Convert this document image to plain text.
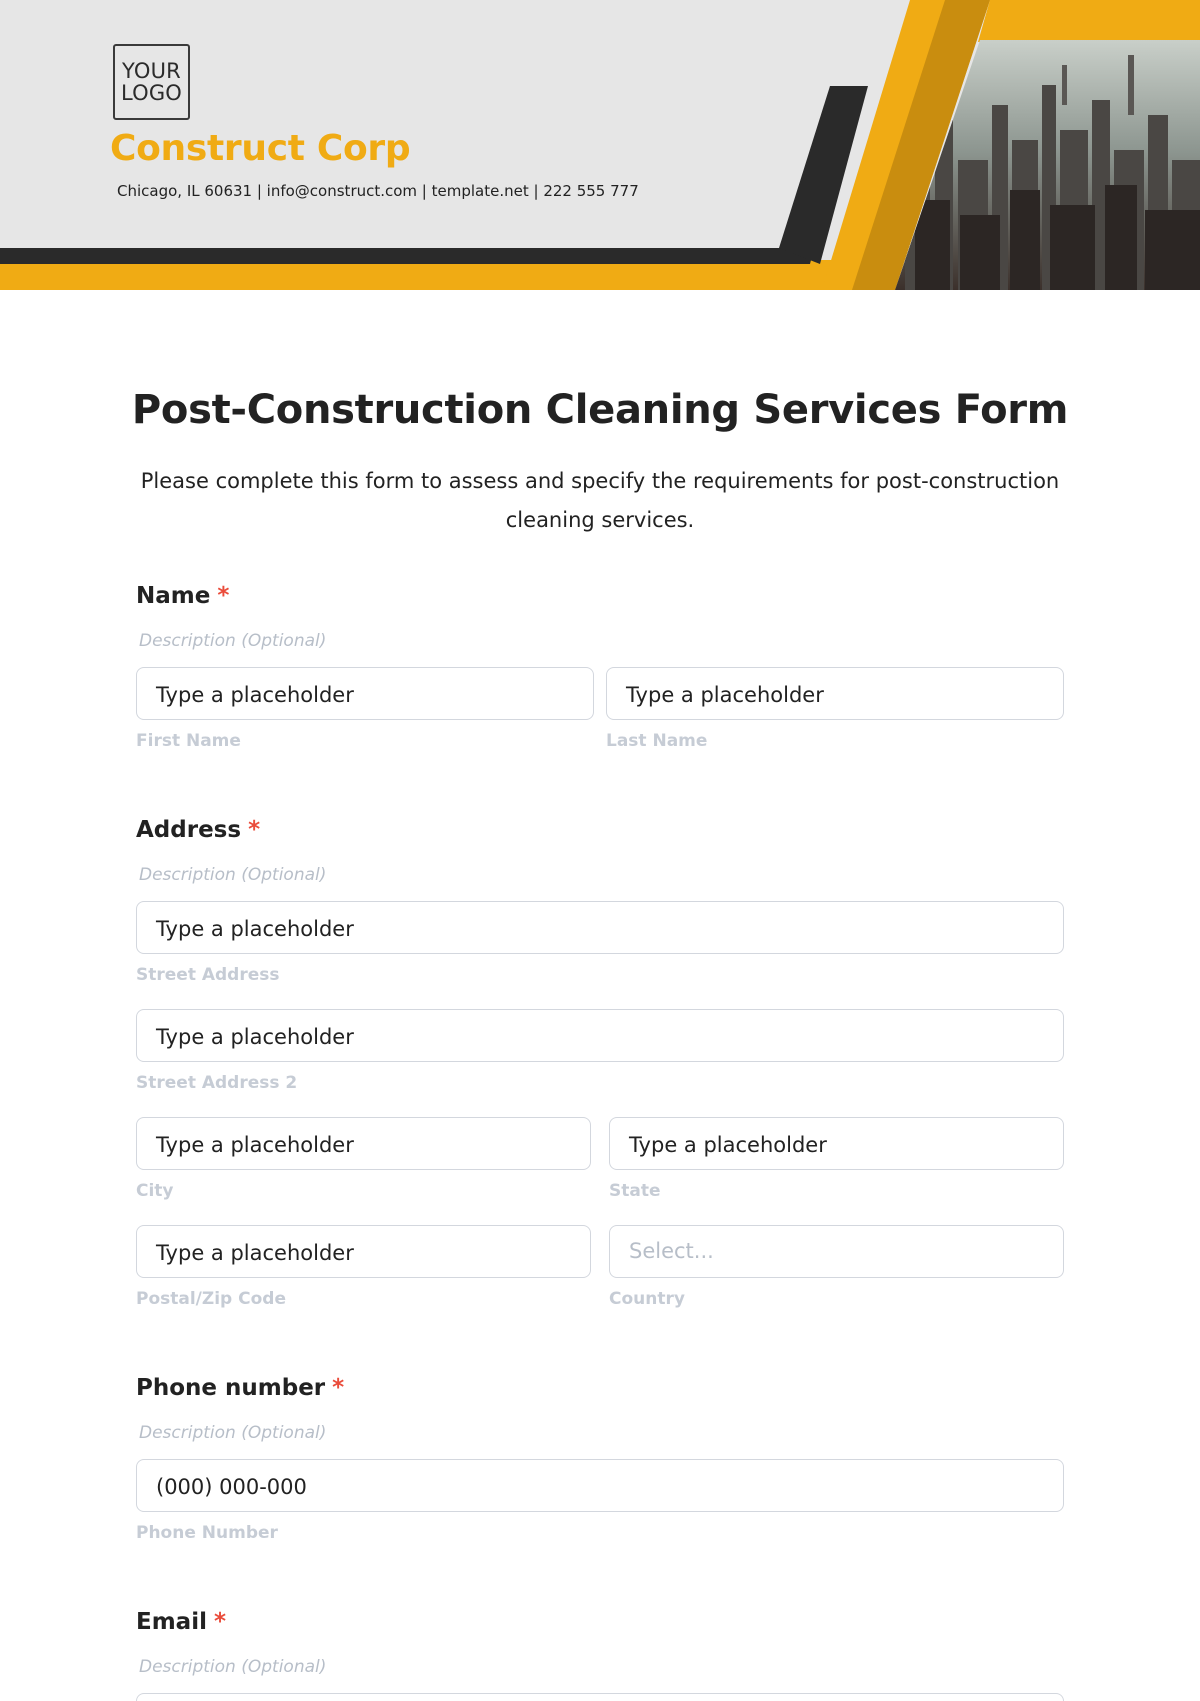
YOUR
LOGO
Construct Corp
Chicago, IL 60631 | info@construct.com | template.net | 222 555 777
Post-Construction Cleaning Services Form
Please complete this form to assess and specify the requirements for post-construction cleaning services.
Name *
Description (Optional)
Type a placeholder
First Name
Type a placeholder
Last Name
Address *
Description (Optional)
Type a placeholder
Street Address
Type a placeholder
Street Address 2
Type a placeholder
City
Type a placeholder
State
Type a placeholder
Postal/Zip Code
Select...
Country
Phone number *
Description (Optional)
(000) 000-000
Phone Number
Email *
Description (Optional)
